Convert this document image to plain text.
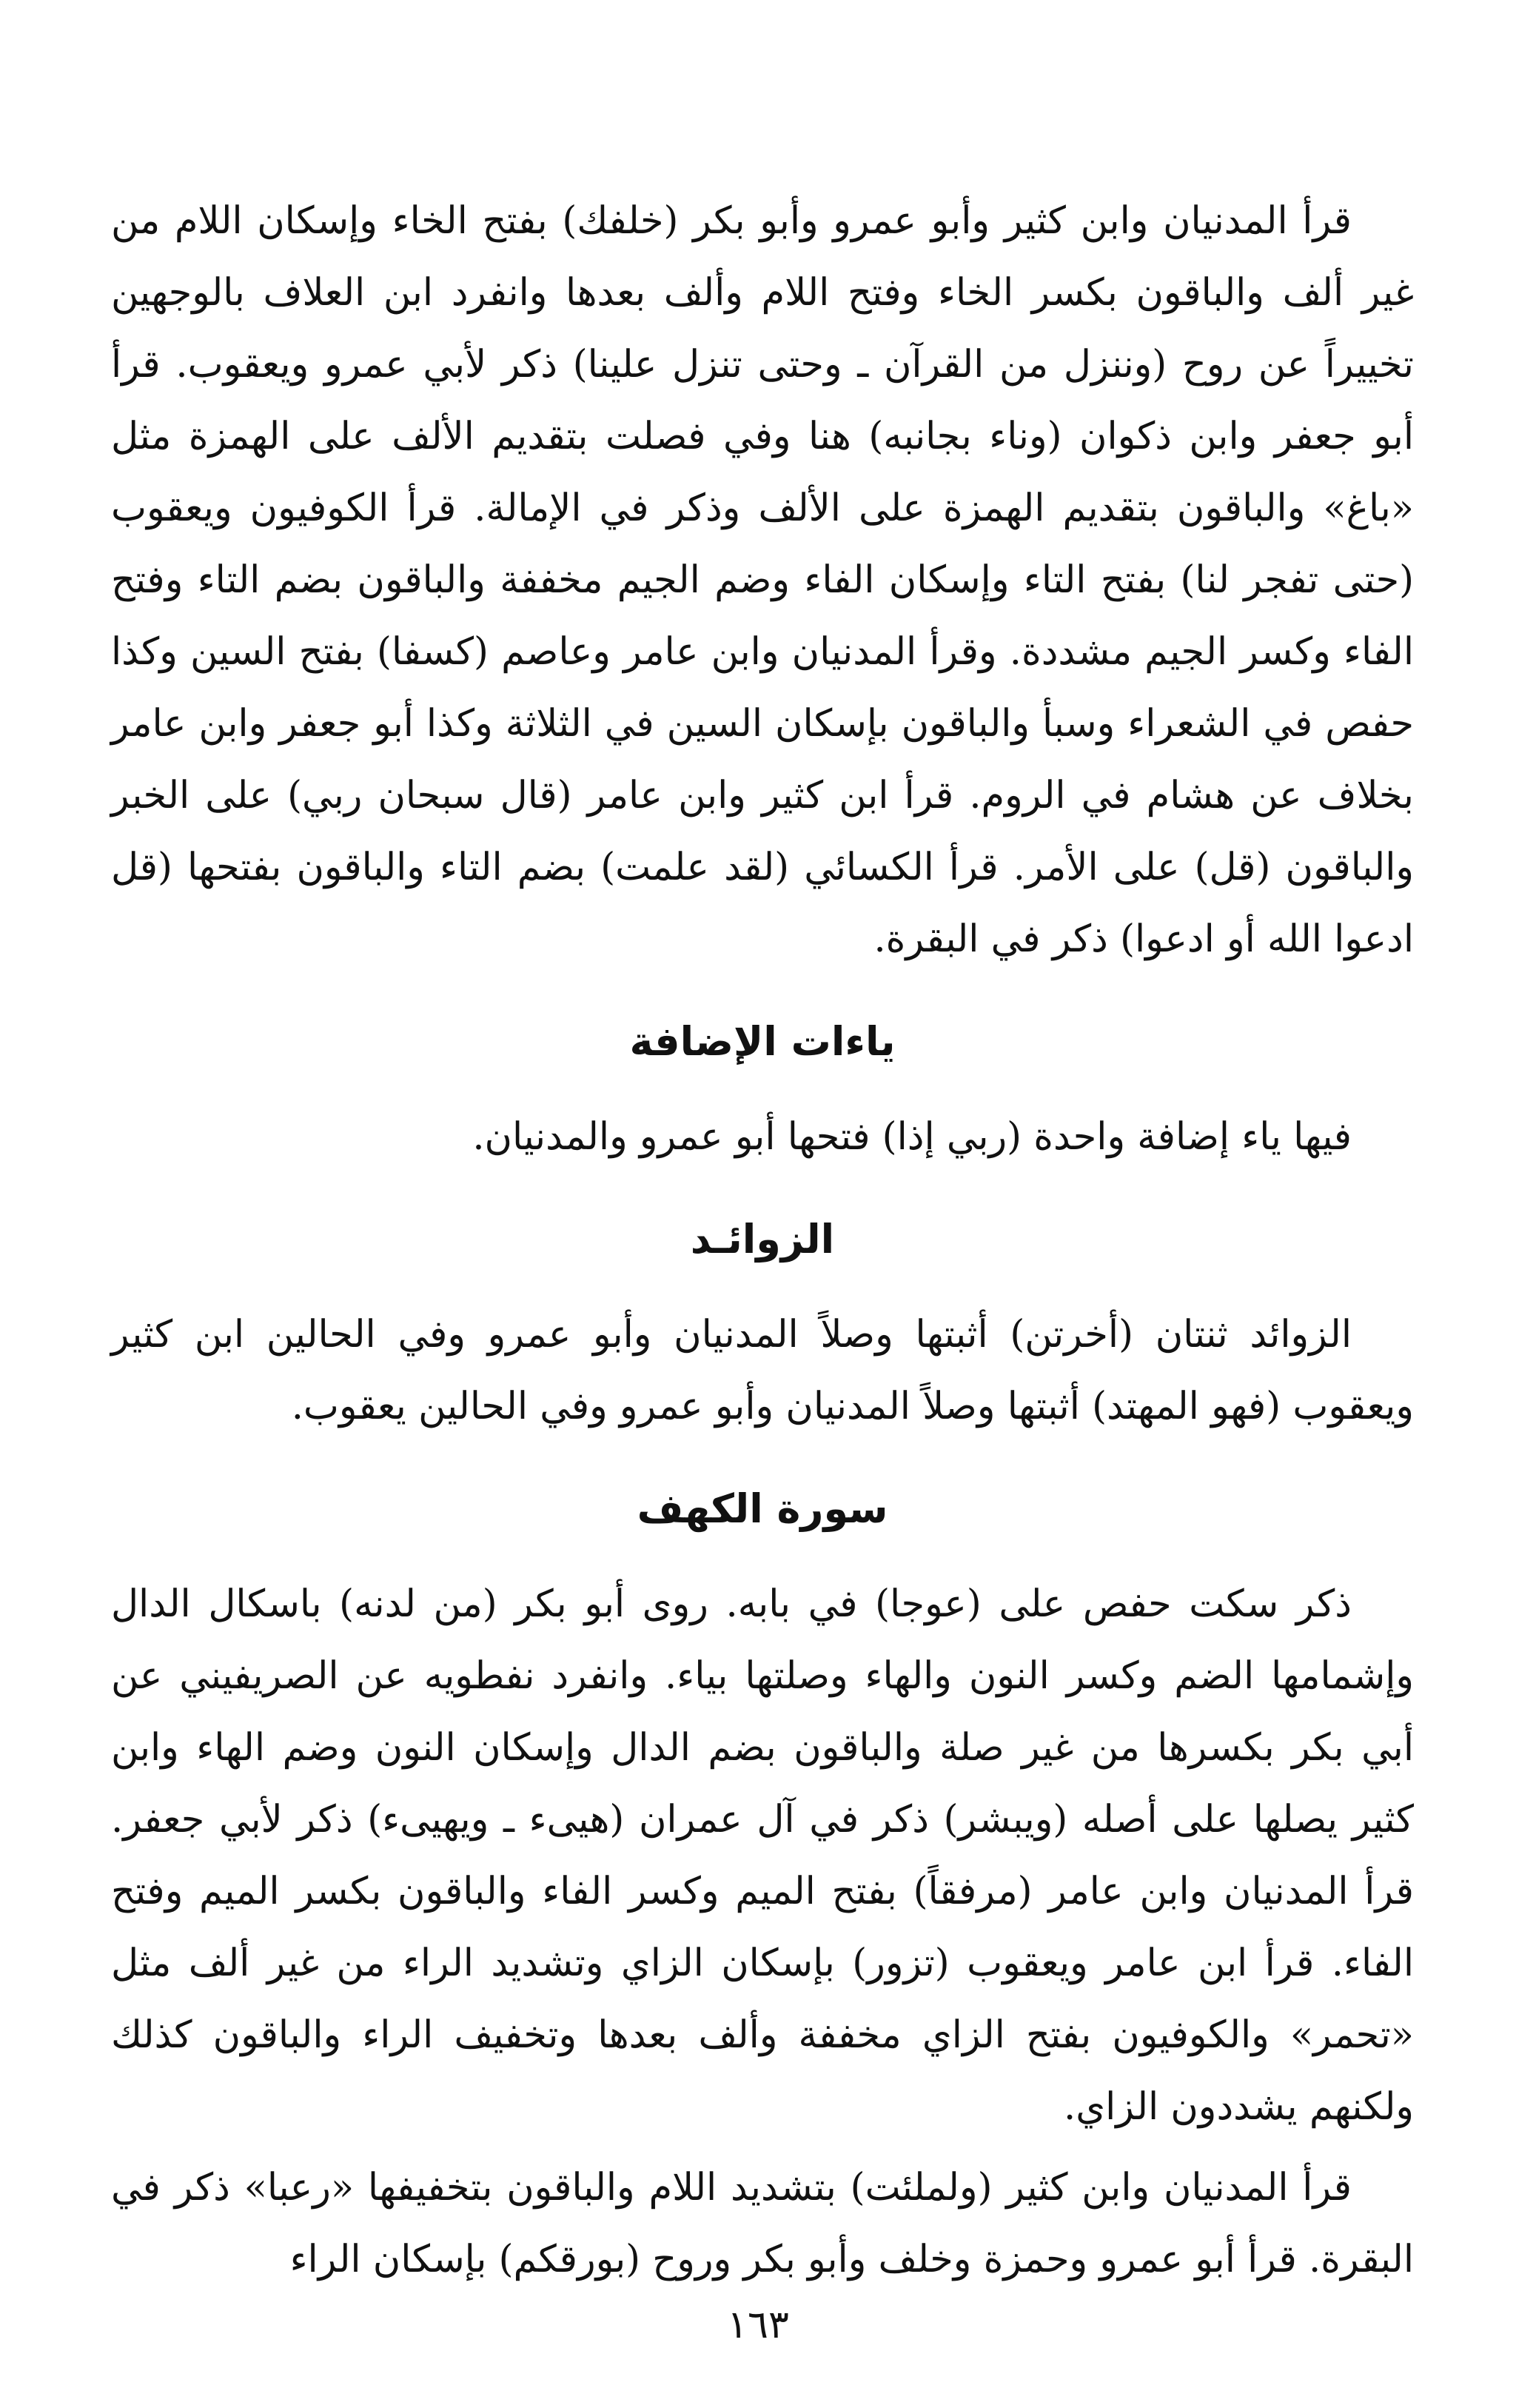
قرأ المدنيان وابن كثير وأبو عمرو وأبو بكر (خلفك) بفتح الخاء وإسكان اللام من غير ألف والباقون بكسر الخاء وفتح اللام وألف بعدها وانفرد ابن العلاف بالوجهين تخييراً عن روح (وننزل من القرآن ـ وحتى تنزل علينا) ذكر لأبي عمرو ويعقوب. قرأ أبو جعفر وابن ذكوان (وناء بجانبه) هنا وفي فصلت بتقديم الألف على الهمزة مثل «باغ» والباقون بتقديم الهمزة على الألف وذكر في الإمالة. قرأ الكوفيون ويعقوب (حتى تفجر لنا) بفتح التاء وإسكان الفاء وضم الجيم مخففة والباقون بضم التاء وفتح الفاء وكسر الجيم مشددة. وقرأ المدنيان وابن عامر وعاصم (كسفا) بفتح السين وكذا حفص في الشعراء وسبأ والباقون بإسكان السين في الثلاثة وكذا أبو جعفر وابن عامر بخلاف عن هشام في الروم. قرأ ابن كثير وابن عامر (قال سبحان ربي) على الخبر والباقون (قل) على الأمر. قرأ الكسائي (لقد علمت) بضم التاء والباقون بفتحها (قل ادعوا الله أو ادعوا) ذكر في البقرة.

ياءات الإضافة

فيها ياء إضافة واحدة (ربي إذا) فتحها أبو عمرو والمدنيان.

الزوائـد

الزوائد ثنتان (أخرتن) أثبتها وصلاً المدنيان وأبو عمرو وفي الحالين ابن كثير ويعقوب (فهو المهتد) أثبتها وصلاً المدنيان وأبو عمرو وفي الحالين يعقوب.

سورة الكهف

ذكر سكت حفص على (عوجا) في بابه. روى أبو بكر (من لدنه) باسكال الدال وإشمامها الضم وكسر النون والهاء وصلتها بياء. وانفرد نفطويه عن الصريفيني عن أبي بكر بكسرها من غير صلة والباقون بضم الدال وإسكان النون وضم الهاء وابن كثير يصلها على أصله (ويبشر) ذكر في آل عمران (هيىء ـ ويهيىء) ذكر لأبي جعفر. قرأ المدنيان وابن عامر (مرفقاً) بفتح الميم وكسر الفاء والباقون بكسر الميم وفتح الفاء. قرأ ابن عامر ويعقوب (تزور) بإسكان الزاي وتشديد الراء من غير ألف مثل «تحمر» والكوفيون بفتح الزاي مخففة وألف بعدها وتخفيف الراء والباقون كذلك ولكنهم يشددون الزاي.

قرأ المدنيان وابن كثير (ولملئت) بتشديد اللام والباقون بتخفيفها «رعبا» ذكر في البقرة. قرأ أبو عمرو وحمزة وخلف وأبو بكر وروح (بورقكم) بإسكان الراء

١٦٣
